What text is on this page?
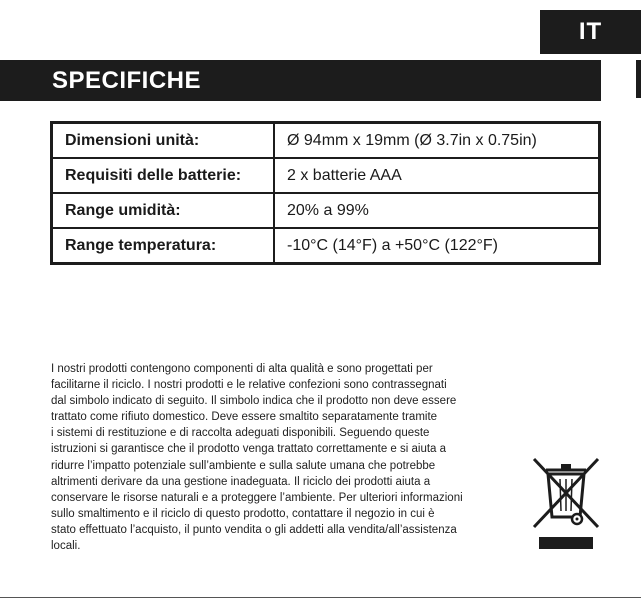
IT
SPECIFICHE
Dimensioni unità:	Ø 94mm x 19mm (Ø 3.7in x 0.75in)
Requisiti delle batterie:	2 x batterie AAA
Range umidità:	20% a 99%
Range temperatura:	-10°C (14°F) a +50°C (122°F)
I nostri prodotti contengono componenti di alta qualità e sono progettati per
facilitarne il riciclo. I nostri prodotti e le relative confezioni sono contrassegnati
dal simbolo indicato di seguito. Il simbolo indica che il prodotto non deve essere
trattato come rifiuto domestico. Deve essere smaltito separatamente tramite
i sistemi di restituzione e di raccolta adeguati disponibili. Seguendo queste
istruzioni si garantisce che il prodotto venga trattato correttamente e si aiuta a
ridurre l’impatto potenziale sull’ambiente e sulla salute umana che potrebbe
altrimenti derivare da una gestione inadeguata. Il riciclo dei prodotti aiuta a
conservare le risorse naturali e a proteggere l’ambiente. Per ulteriori informazioni
sullo smaltimento e il riciclo di questo prodotto, contattare il negozio in cui è
stato effettuato l’acquisto, il punto vendita o gli addetti alla vendita/all’assistenza
locali.
